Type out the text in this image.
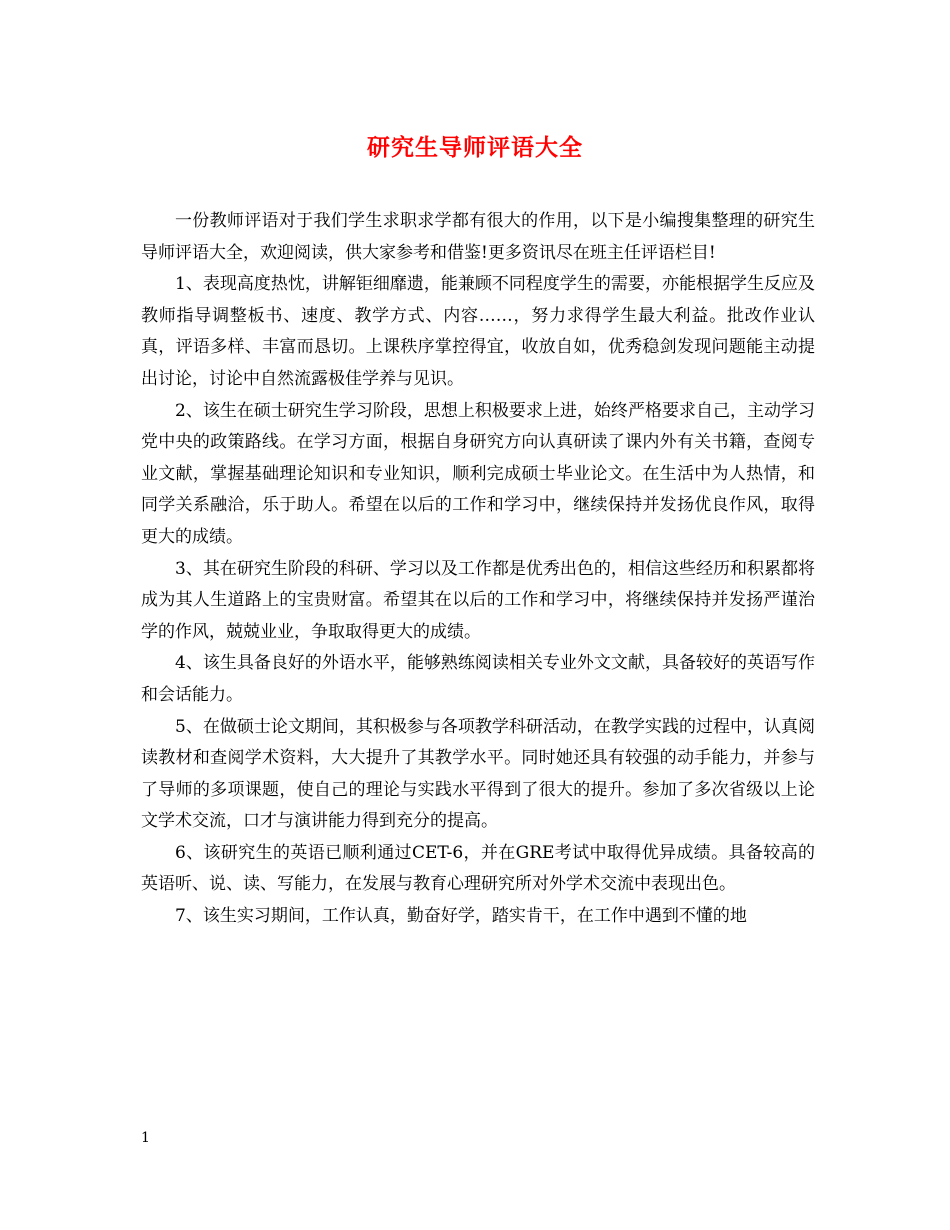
研究生导师评语大全

一份教师评语对于我们学生求职求学都有很大的作用，以下是小编搜集整理的研究生导师评语大全，欢迎阅读，供大家参考和借鉴!更多资讯尽在班主任评语栏目!

1、表现高度热忱，讲解钜细靡遗，能兼顾不同程度学生的需要，亦能根据学生反应及教师指导调整板书、速度、教学方式、内容……，努力求得学生最大利益。批改作业认真，评语多样、丰富而恳切。上课秩序掌控得宜，收放自如，优秀稳剑发现问题能主动提出讨论，讨论中自然流露极佳学养与见识。

2、该生在硕士研究生学习阶段，思想上积极要求上进，始终严格要求自己，主动学习党中央的政策路线。在学习方面，根据自身研究方向认真研读了课内外有关书籍，查阅专业文献，掌握基础理论知识和专业知识，顺利完成硕士毕业论文。在生活中为人热情，和同学关系融洽，乐于助人。希望在以后的工作和学习中，继续保持并发扬优良作风，取得更大的成绩。

3、其在研究生阶段的科研、学习以及工作都是优秀出色的，相信这些经历和积累都将成为其人生道路上的宝贵财富。希望其在以后的工作和学习中，将继续保持并发扬严谨治学的作风，兢兢业业，争取取得更大的成绩。

4、该生具备良好的外语水平，能够熟练阅读相关专业外文文献，具备较好的英语写作和会话能力。

5、在做硕士论文期间，其积极参与各项教学科研活动，在教学实践的过程中，认真阅读教材和查阅学术资料，大大提升了其教学水平。同时她还具有较强的动手能力，并参与了导师的多项课题，使自己的理论与实践水平得到了很大的提升。参加了多次省级以上论文学术交流，口才与演讲能力得到充分的提高。

6、该研究生的英语已顺利通过CET-6，并在GRE考试中取得优异成绩。具备较高的英语听、说、读、写能力，在发展与教育心理研究所对外学术交流中表现出色。

7、该生实习期间，工作认真，勤奋好学，踏实肯干，在工作中遇到不懂的地

1
